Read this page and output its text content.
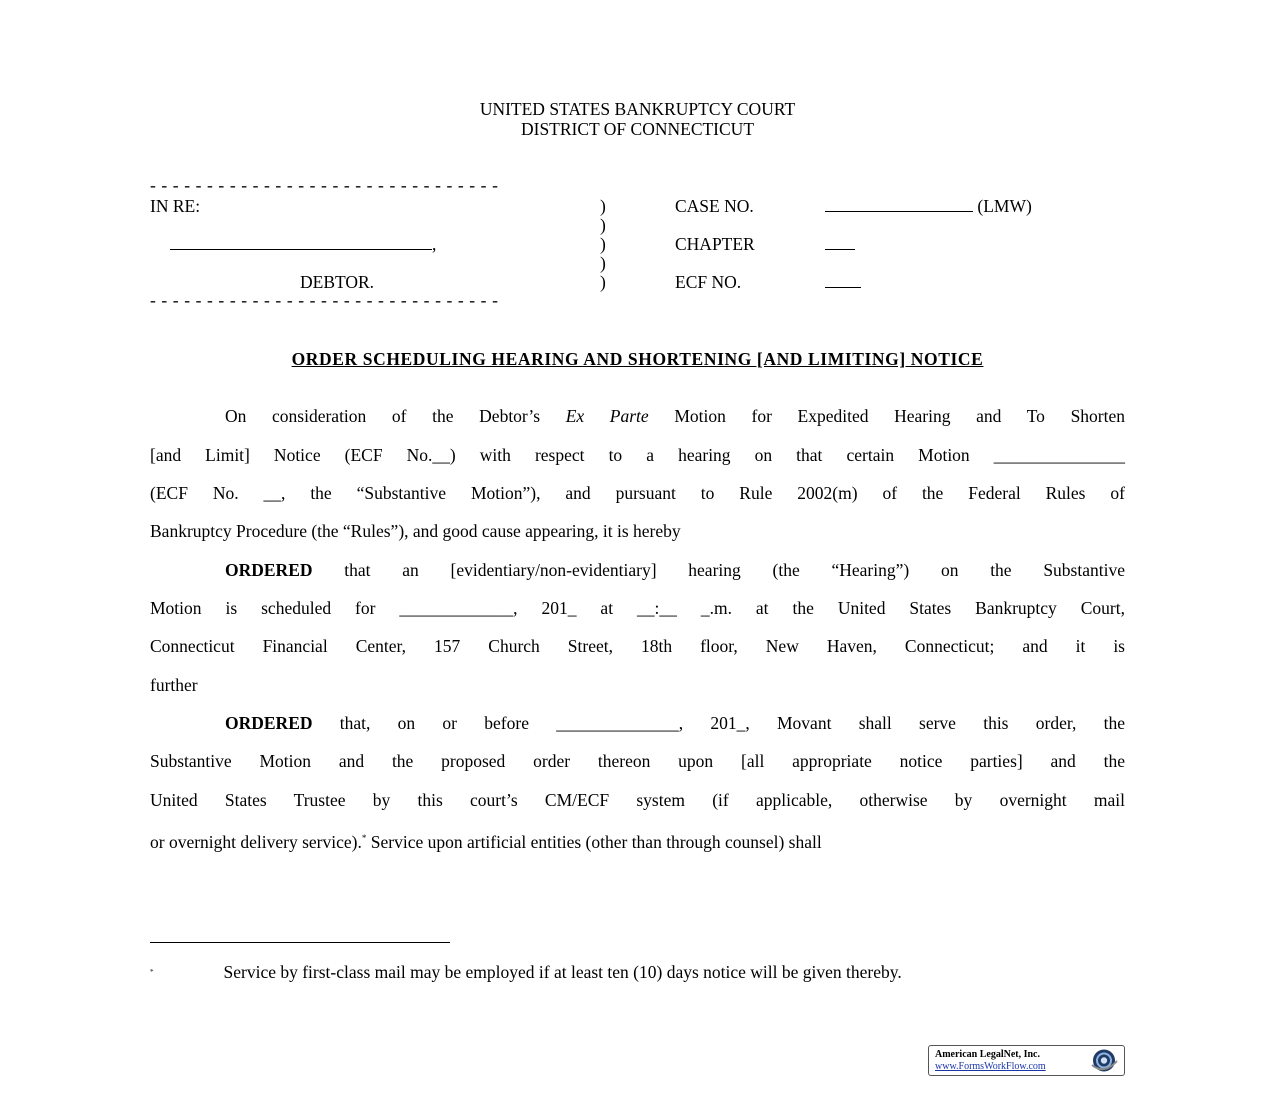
UNITED STATES BANKRUPTCY COURT
DISTRICT OF CONNECTICUT
- - - - - - - - - - - - - - - - - - - - - - - - - - - - - - -
IN RE:
,
DEBTOR.
- - - - - - - - - - - - - - - - - - - - - - - - - - - - - - -
)
)
)
)
)
CASE NO.	(LMW)
CHAPTER
ECF NO.
ORDER SCHEDULING HEARING AND SHORTENING [AND LIMITING] NOTICE
On consideration of the Debtor’s Ex Parte Motion for Expedited Hearing and To Shorten
[and Limit] Notice (ECF No.__) with respect to a hearing on that certain Motion _______________
(ECF No. __, the “Substantive Motion”), and pursuant to Rule 2002(m) of the Federal Rules of
Bankruptcy Procedure (the “Rules”), and good cause appearing, it is hereby
ORDERED that an [evidentiary/non-evidentiary] hearing (the “Hearing”) on the Substantive
Motion is scheduled for _____________, 201_ at __:__ _.m. at the United States Bankruptcy Court,
Connecticut Financial Center, 157 Church Street, 18th floor, New Haven, Connecticut; and it is
further
ORDERED that, on or before ______________, 201_, Movant shall serve this order, the
Substantive Motion and the proposed order thereon upon [all appropriate notice parties] and the
United States Trustee by this court’s CM/ECF system (if applicable, otherwise by overnight mail
or overnight delivery service).* Service upon artificial entities (other than through counsel) shall
*	Service by first-class mail may be employed if at least ten (10) days notice will be given thereby.
American LegalNet, Inc.
www.FormsWorkFlow.com
